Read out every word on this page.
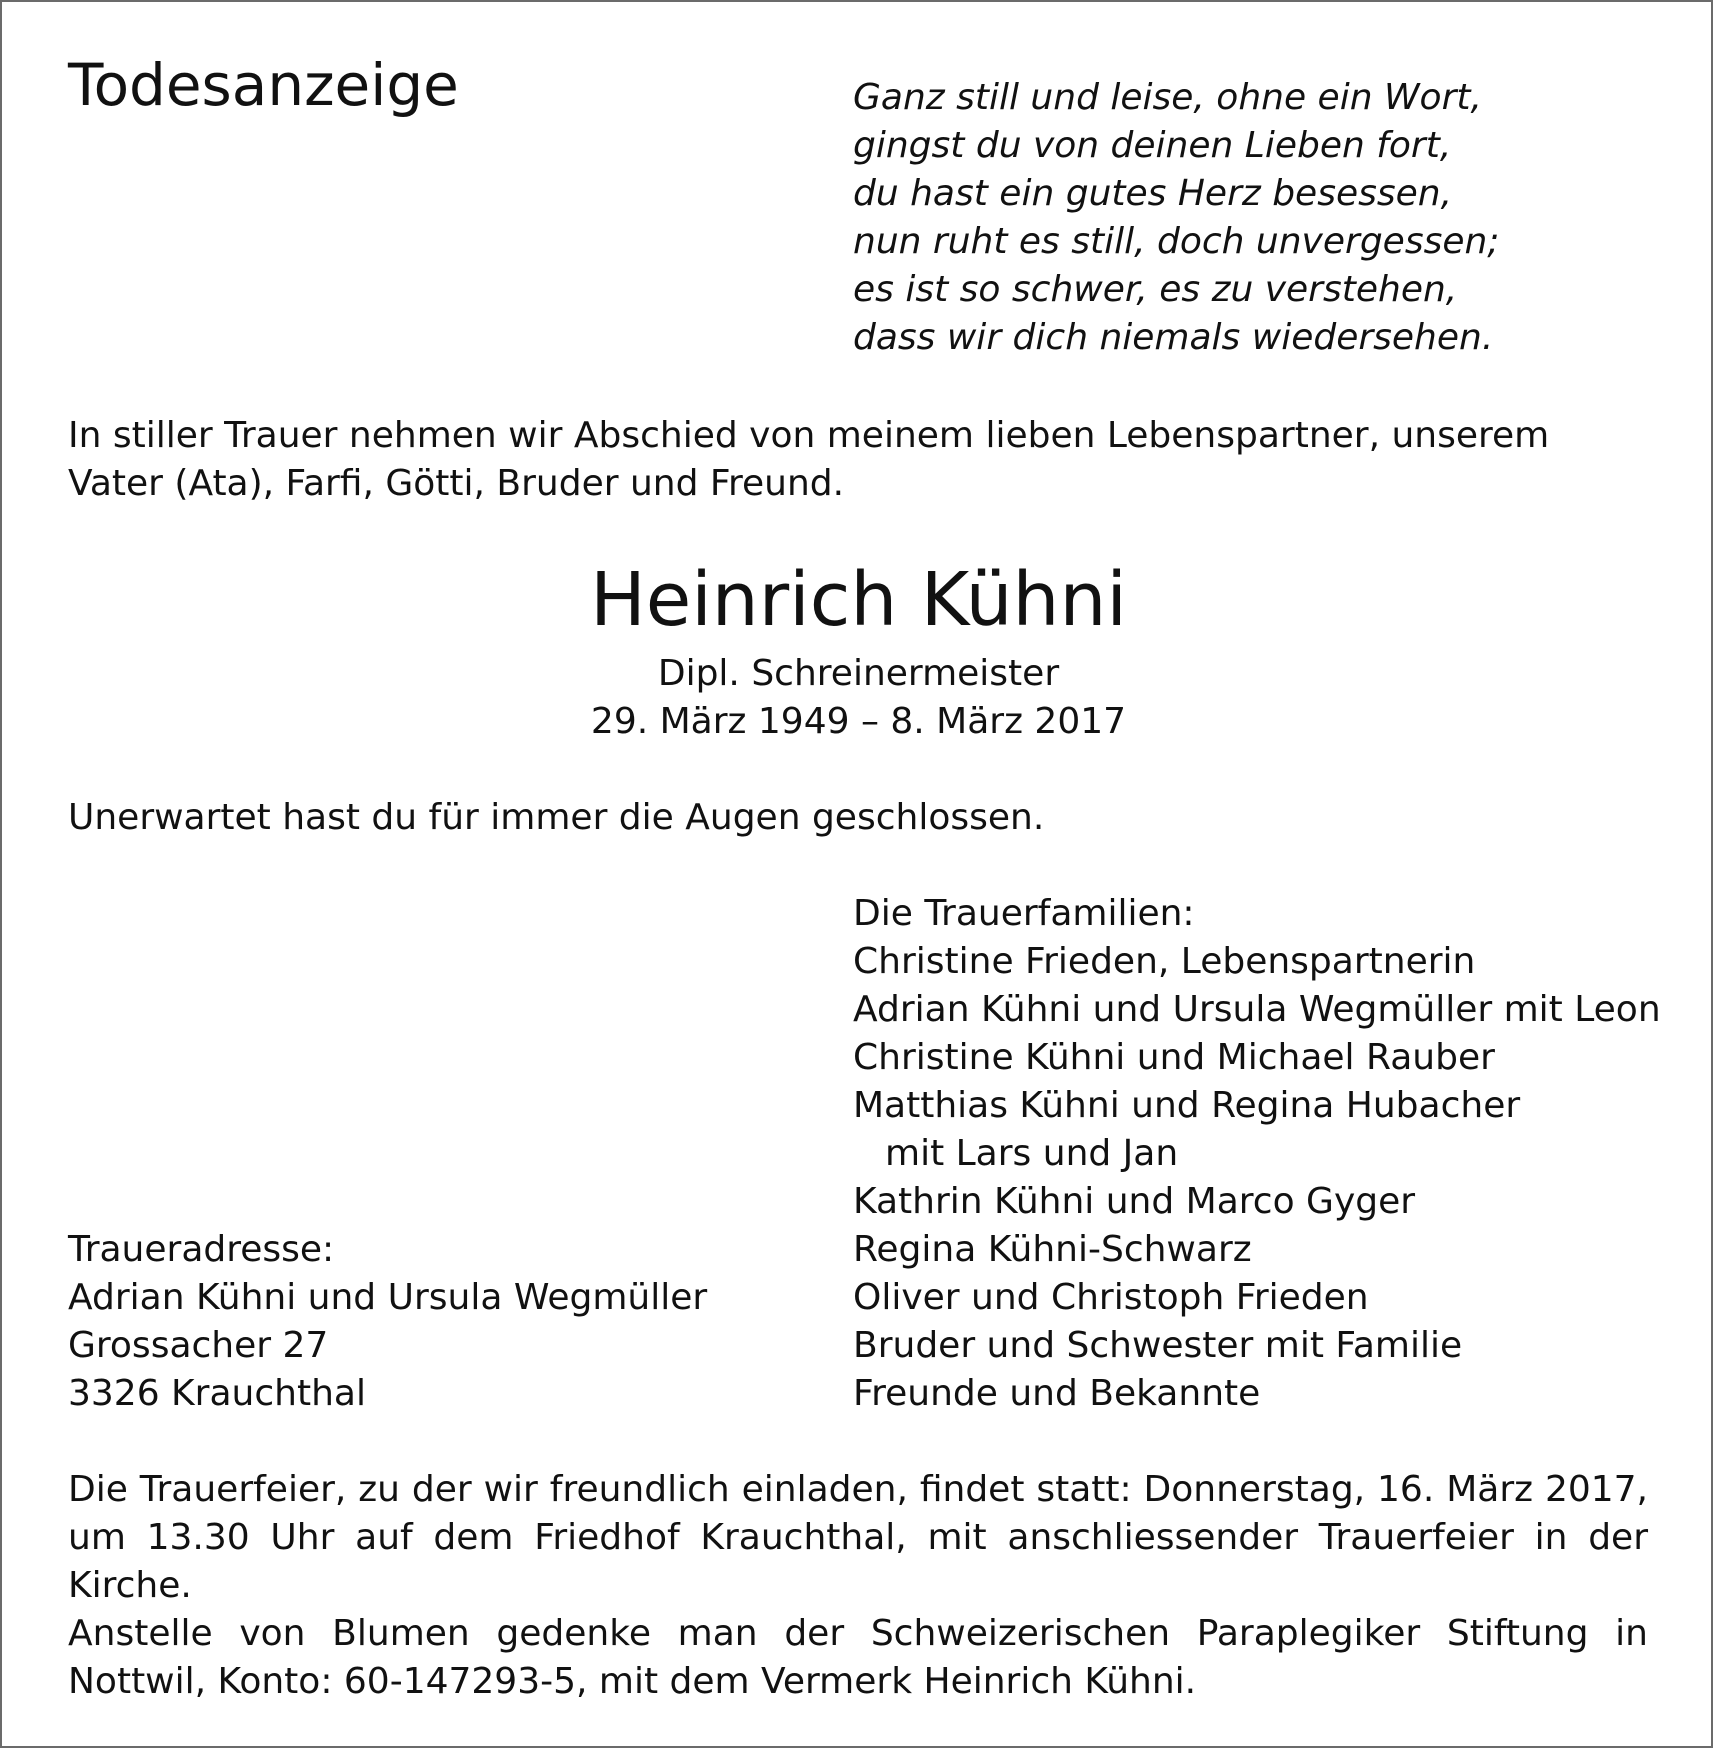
Todesanzeige	Ganz still und leise, ohne ein Wort,
gingst du von deinen Lieben fort,
du hast ein gutes Herz besessen,
nun ruht es still, doch unvergessen;
es ist so schwer, es zu verstehen,
dass wir dich niemals wiedersehen.
In stiller Trauer nehmen wir Abschied von meinem lieben Lebenspartner, unserem Vater (Ata), Farfi, Götti, Bruder und Freund.
Heinrich Kühni
Dipl. Schreinermeister
29. März 1949 – 8. März 2017
Unerwartet hast du für immer die Augen geschlossen.
Die Trauerfamilien:
Christine Frieden, Lebenspartnerin
Adrian Kühni und Ursula Wegmüller mit Leon
Christine Kühni und Michael Rauber
Matthias Kühni und Regina Hubacher
mit Lars und Jan
Kathrin Kühni und Marco Gyger
Regina Kühni-Schwarz
Oliver und Christoph Frieden
Bruder und Schwester mit Familie
Freunde und Bekannte
Traueradresse:
Adrian Kühni und Ursula Wegmüller
Grossacher 27
3326 Krauchthal
Die Trauerfeier, zu der wir freundlich einladen, findet statt: Donnerstag, 16. März 2017, um 13.30 Uhr auf dem Friedhof Krauchthal, mit anschliessender Trauerfeier in der Kirche.
Anstelle von Blumen gedenke man der Schweizerischen Paraplegiker Stiftung in Nottwil, Konto: 60-147293-5, mit dem Vermerk Heinrich Kühni.
